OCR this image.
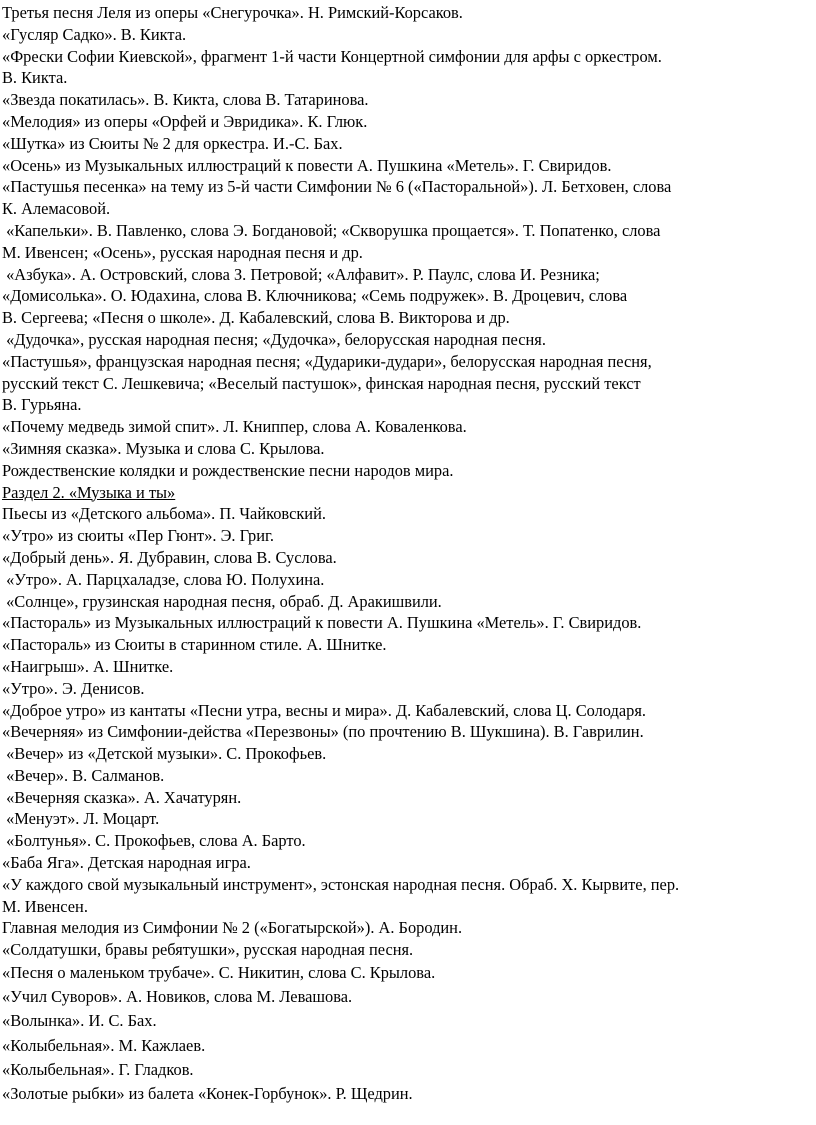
Третья песня Леля из оперы «Снегурочка». Н. Римский-Корсаков.
«Гусляр Садко». В. Кикта.
«Фрески Софии Киевской», фрагмент 1-й части Концертной симфонии для арфы с оркестром.
В. Кикта.
«Звезда покатилась». В. Кикта, слова В. Татаринова.
«Мелодия» из оперы «Орфей и Эвридика». К. Глюк.
«Шутка» из Сюиты № 2 для оркестра. И.-С. Бах.
«Осень» из Музыкальных иллюстраций к повести А. Пушкина «Метель». Г. Свиридов.
«Пастушья песенка» на тему из 5-й части Симфонии № 6 («Пасторальной»). Л. Бетховен, слова
К. Алемасовой.
«Капельки». В. Павленко, слова Э. Богдановой; «Скворушка прощается». Т. Попатенко, слова
М. Ивенсен; «Осень», русская народная песня и др.
«Азбука». А. Островский, слова З. Петровой; «Алфавит». Р. Паулс, слова И. Резника;
«Домисолька». О. Юдахина, слова В. Ключникова; «Семь подружек». В. Дроцевич, слова
В. Сергеева; «Песня о школе». Д. Кабалевский, слова В. Викторова и др.
«Дудочка», русская народная песня; «Дудочка», белорусская народная песня.
«Пастушья», французская народная песня; «Дударики-дудари», белорусская народная песня,
русский текст С. Лешкевича; «Веселый пастушок», финская народная песня, русский текст
В. Гурьяна.
«Почему медведь зимой спит». Л. Книппер, слова А. Коваленкова.
«Зимняя сказка». Музыка и слова С. Крылова.
Рождественские колядки и рождественские песни народов мира.
Раздел 2. «Музыка и ты»
Пьесы из «Детского альбома». П. Чайковский.
«Утро» из сюиты «Пер Гюнт». Э. Григ.
«Добрый день». Я. Дубравин, слова В. Суслова.
«Утро». А. Парцхаладзе, слова Ю. Полухина.
«Солнце», грузинская народная песня, обраб. Д. Аракишвили.
«Пастораль» из Музыкальных иллюстраций к повести А. Пушкина «Метель». Г. Свиридов.
«Пастораль» из Сюиты в старинном стиле. А. Шнитке.
«Наигрыш». А. Шнитке.
«Утро». Э. Денисов.
«Доброе утро» из кантаты «Песни утра, весны и мира». Д. Кабалевский, слова Ц. Солодаря.
«Вечерняя» из Симфонии-действа «Перезвоны» (по прочтению В. Шукшина). В. Гаврилин.
«Вечер» из «Детской музыки». С. Прокофьев.
«Вечер». В. Салманов.
«Вечерняя сказка». А. Хачатурян.
«Менуэт». Л. Моцарт.
«Болтунья». С. Прокофьев, слова А. Барто.
«Баба Яга». Детская народная игра.
«У каждого свой музыкальный инструмент», эстонская народная песня. Обраб. Х. Кырвите, пер.
М. Ивенсен.
Главная мелодия из Симфонии № 2 («Богатырской»). А. Бородин.
«Солдатушки, бравы ребятушки», русская народная песня.
«Песня о маленьком трубаче». С. Никитин, слова С. Крылова.
«Учил Суворов». А. Новиков, слова М. Левашова.
«Волынка». И. С. Бах.
«Колыбельная». М. Кажлаев.
«Колыбельная». Г. Гладков.
«Золотые рыбки» из балета «Конек-Горбунок». Р. Щедрин.
